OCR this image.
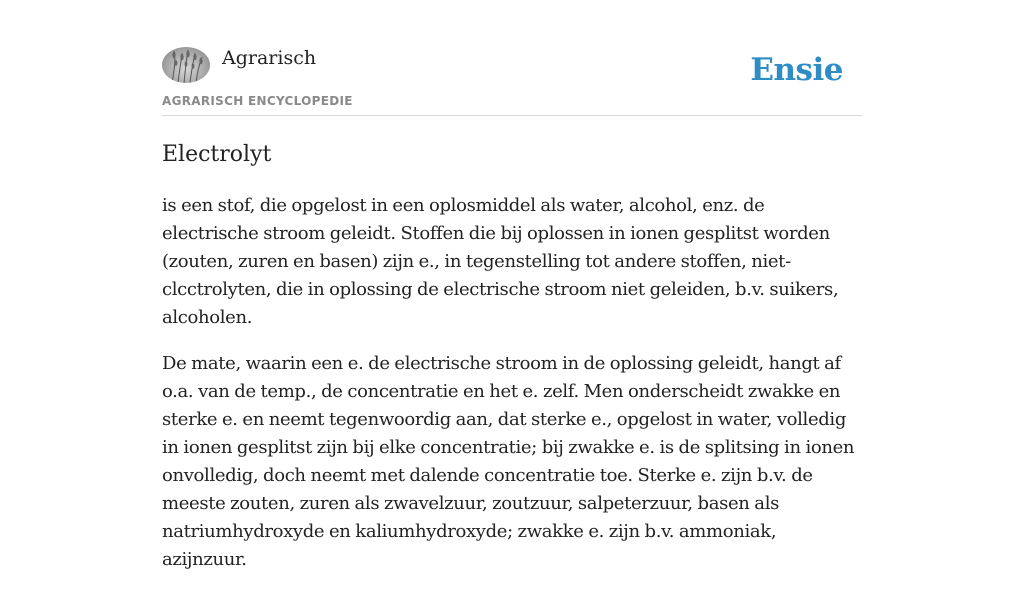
Agrarisch
AGRARISCH ENCYCLOPEDIE
Ensie
Electrolyt

is een stof, die opgelost in een oplosmiddel als water, alcohol, enz. de electrische stroom geleidt. Stoffen die bij oplossen in ionen gesplitst worden (zouten, zuren en basen) zijn e., in tegenstelling tot andere stoffen, niet-clcctrolyten, die in oplossing de electrische stroom niet geleiden, b.v. suikers, alcoholen.

De mate, waarin een e. de electrische stroom in de oplossing geleidt, hangt af o.a. van de temp., de concentratie en het e. zelf. Men onderscheidt zwakke en sterke e. en neemt tegenwoordig aan, dat sterke e., opgelost in water, volledig in ionen gesplitst zijn bij elke concentratie; bij zwakke e. is de splitsing in ionen onvolledig, doch neemt met dalende concentratie toe. Sterke e. zijn b.v. de meeste zouten, zuren als zwavelzuur, zoutzuur, salpeterzuur, basen als natriumhydroxyde en kaliumhydroxyde; zwakke e. zijn b.v. ammoniak, azijnzuur.
